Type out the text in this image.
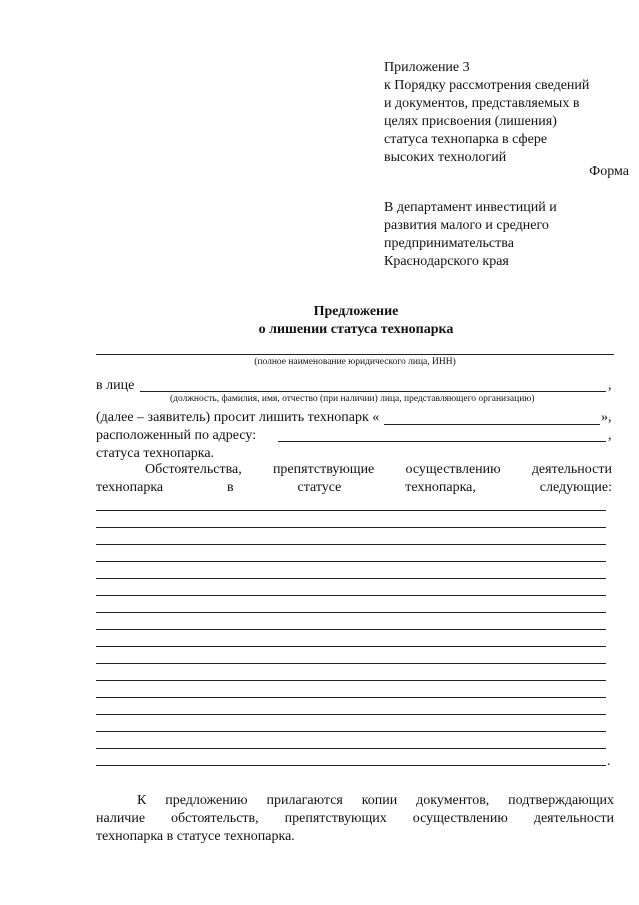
Приложение 3
к Порядку рассмотрения сведений
и документов, представляемых в
целях присвоения (лишения)
статуса технопарка в сфере
высоких технологий
Форма
В департамент инвестиций и
развития малого и среднего
предпринимательства
Краснодарского края
Предложение
о лишении статуса технопарка
(полное наименование юридического лица, ИНН)
в лице	,
(должность, фамилия, имя, отчество (при наличии) лица, представляющего организацию)
(далее – заявитель) просит лишить технопарк «	»,
расположенный по адресу:	,
статуса технопарка.
Обстоятельства, препятствующие осуществлению деятельности
технопарка	в	статусе	технопарка,	следующие:
.
К предложению прилагаются копии документов, подтверждающих
наличие обстоятельств, препятствующих осуществлению деятельности
технопарка в статусе технопарка.
